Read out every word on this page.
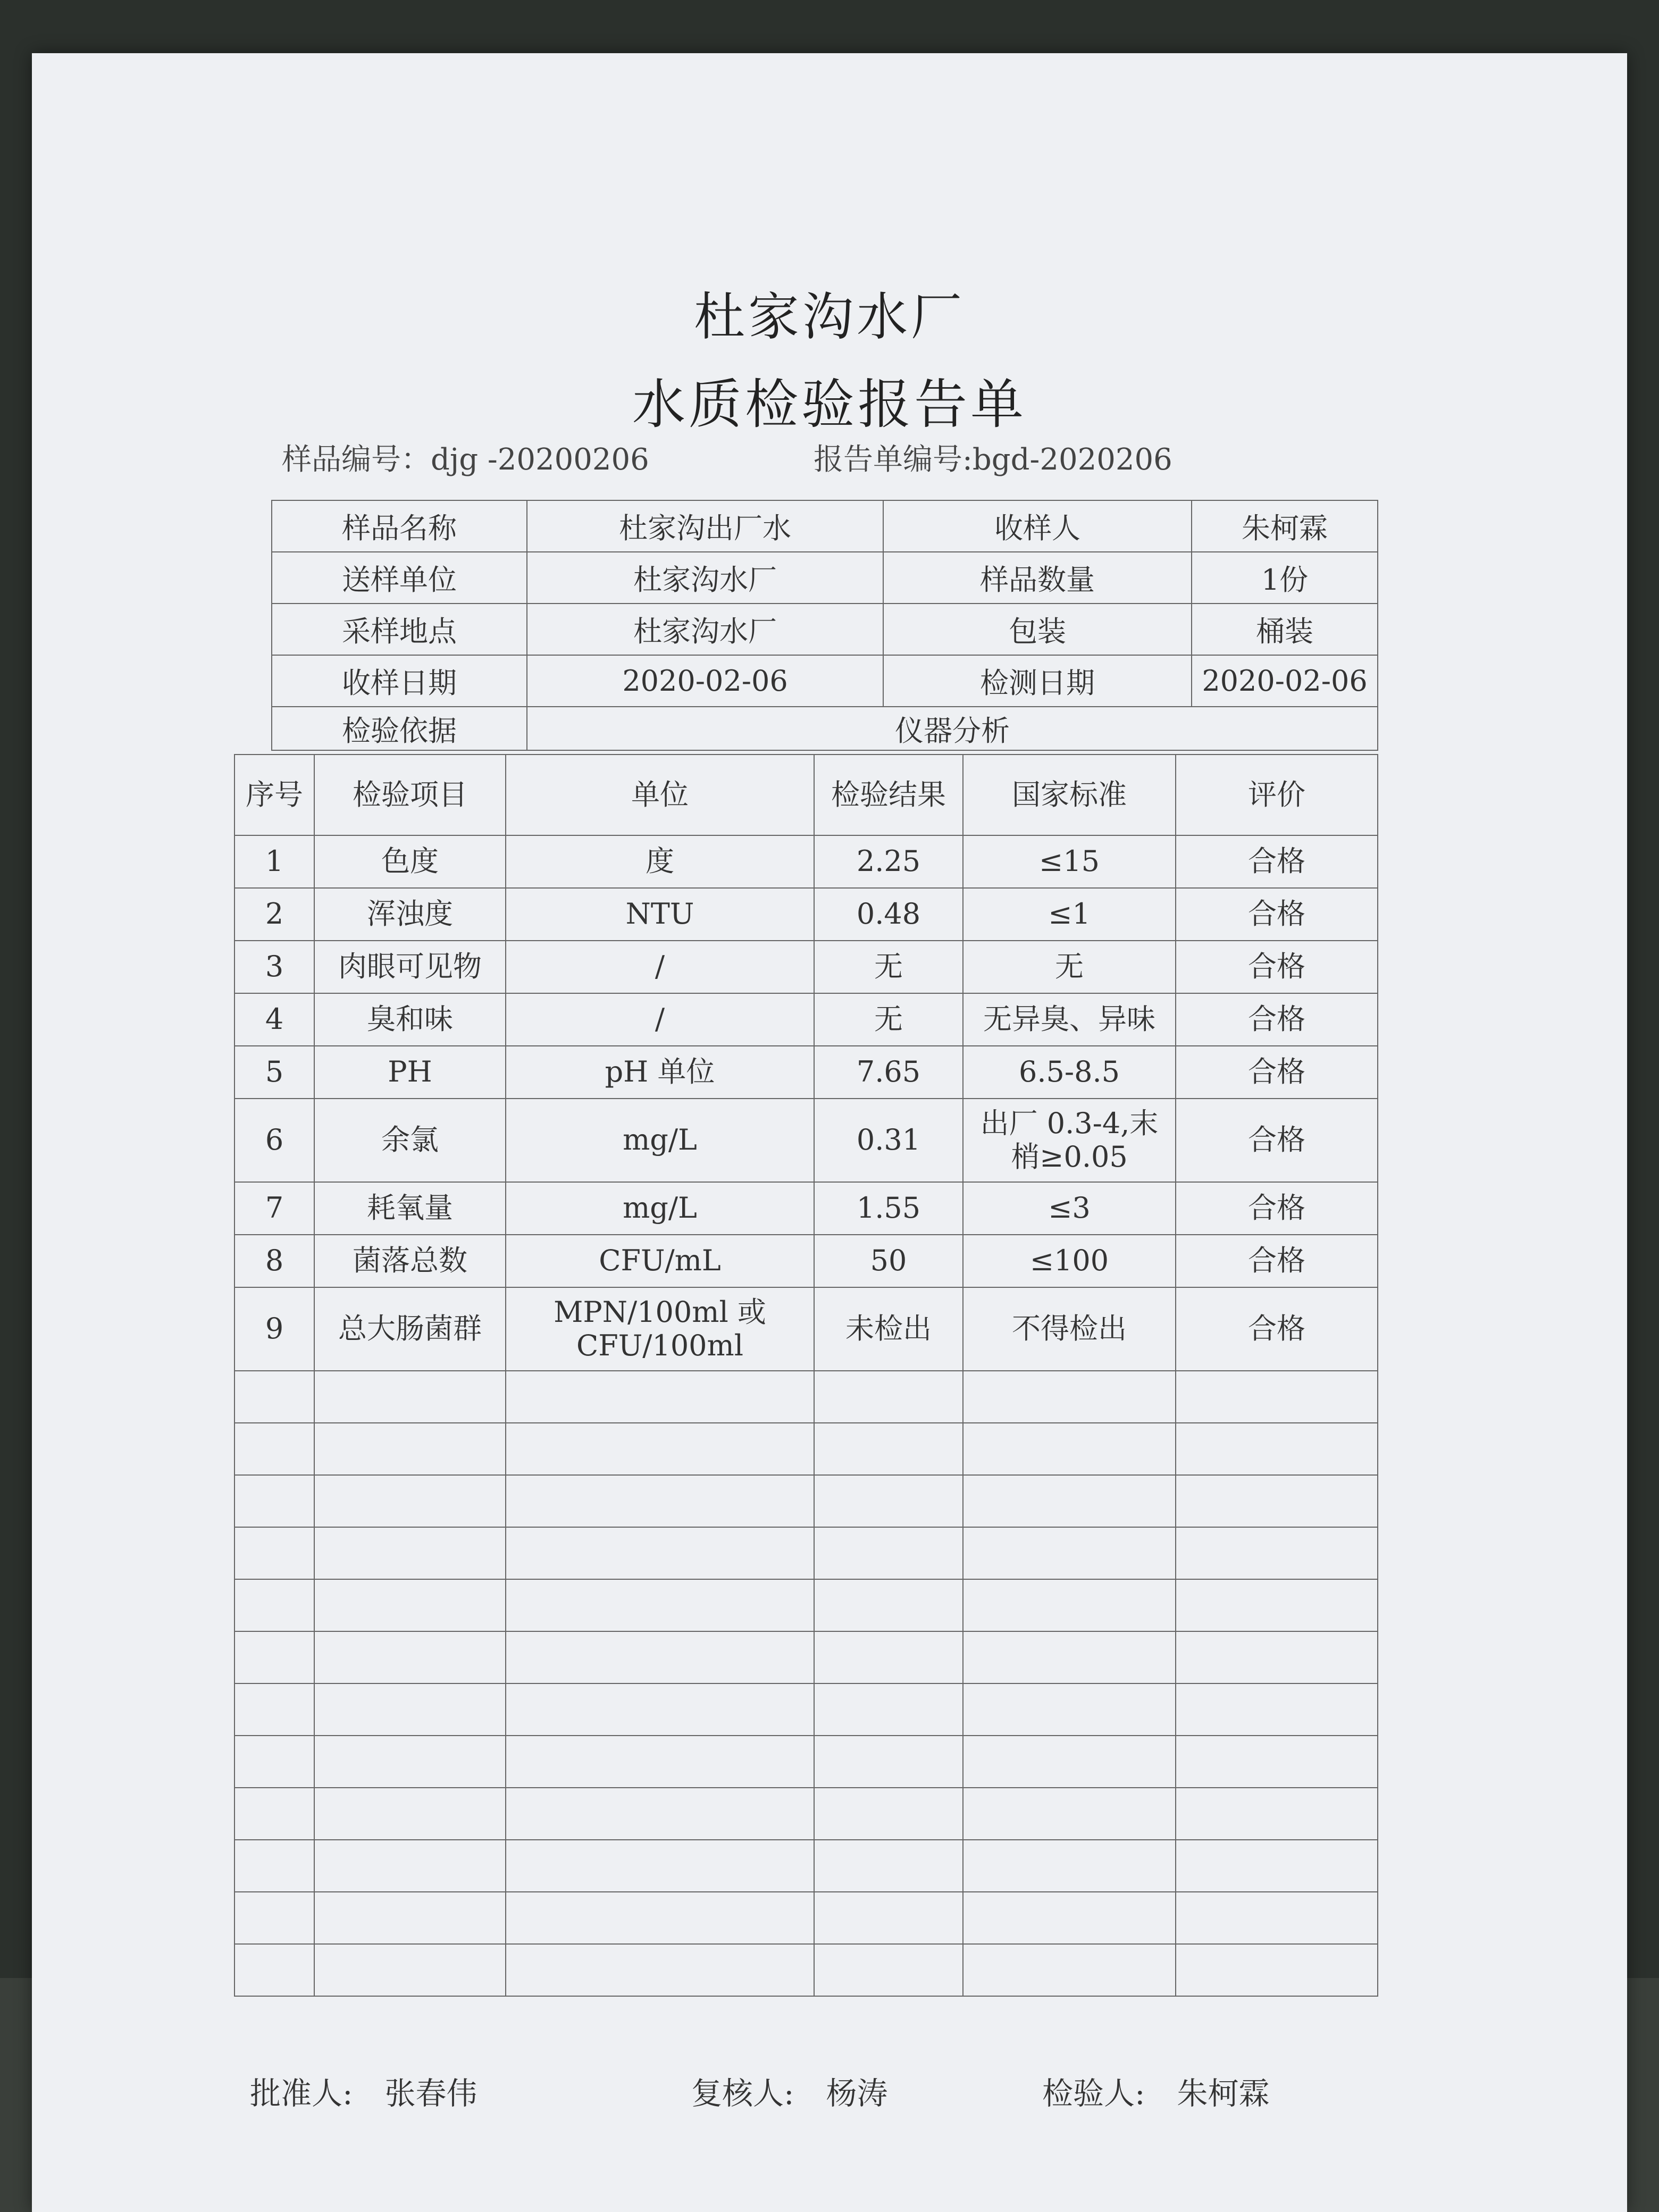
杜家沟水厂
水质检验报告单
样品编号：djg -20200206	报告单编号:bgd-2020206
样品名称	杜家沟出厂水	收样人	朱柯霖
送样单位	杜家沟水厂	样品数量	1份
采样地点	杜家沟水厂	包装	桶装
收样日期	2020-02-06	检测日期	2020-02-06
检验依据	仪器分析		
序号	检验项目	单位	检验结果	国家标准	评价
1	色度	度	2.25	≤15	合格
2	浑浊度	NTU	0.48	≤1	合格
3	肉眼可见物	/	无	无	合格
4	臭和味	/	无	无异臭、异味	合格
5	PH	pH 单位	7.65	6.5-8.5	合格
6	余氯	mg/L	0.31	出厂 0.3-4,末梢≥0.05	合格
7	耗氧量	mg/L	1.55	≤3	合格
8	菌落总数	CFU/mL	50	≤100	合格
9	总大肠菌群	MPN/100ml 或 CFU/100ml	未检出	不得检出	合格

批准人: 张春伟	复核人: 杨涛	检验人: 朱柯霖
